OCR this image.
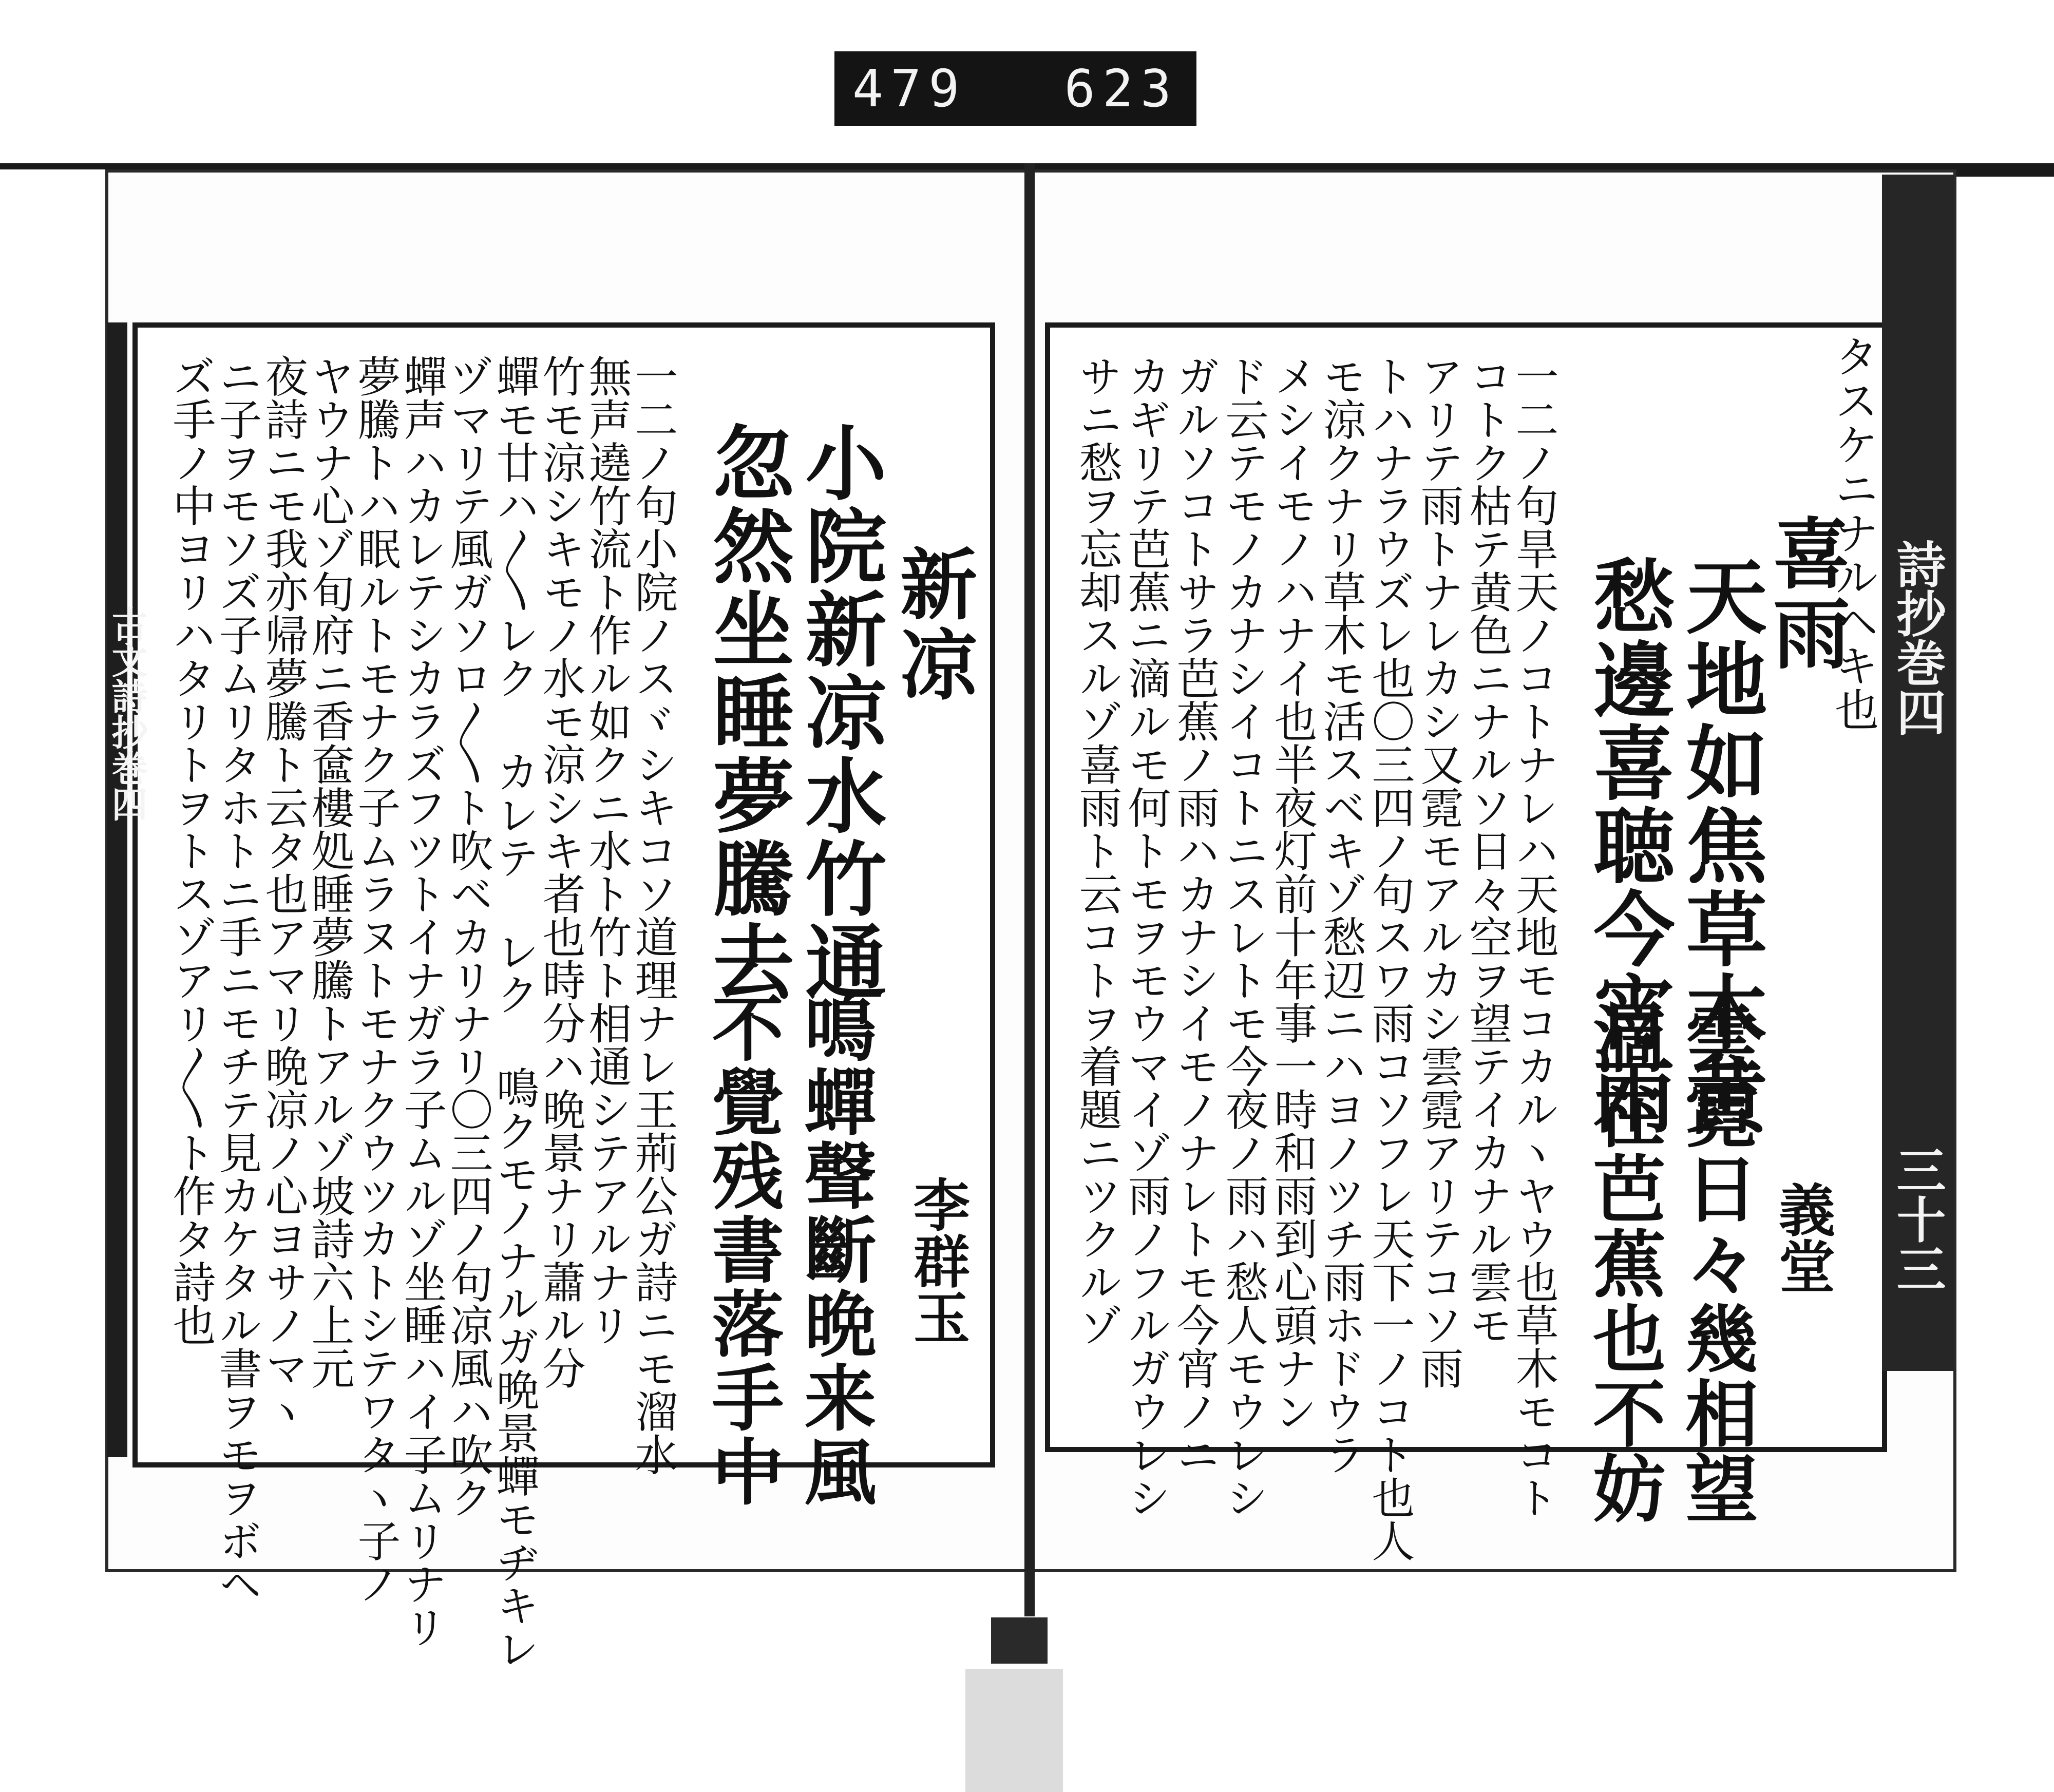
479 623
古文詩抄巻四	詩抄巻四
三十三
タスケニナルヘキ也
喜雨
義堂
天地如焦草木黄
愁邊喜聴今宵雨
雲霓日々幾相望
滴在芭蕉也不妨
一二ノ句旱天ノコトナレハ天地モコカルヽヤウ也草木モコト
コトク枯テ黄色ニナルソ日々空ヲ望テイカナル雲モ
アリテ雨トナレカシ又霓モアルカシ雲霓アリテコソ雨
トハナラウズレ也〇三四ノ句スワ雨コソフレ天下一ノコト也人
モ涼クナリ草木モ活スベキゾ愁辺ニハヨノツチ雨ホドウラ
メシイモノハナイ也半夜灯前十年事一時和雨到心頭ナン
ド云テモノカナシイコトニスレトモ今夜ノ雨ハ愁人モウレシ
ガルソコトサラ芭蕉ノ雨ハカナシイモノナレトモ今宵ノニ
カギリテ芭蕉ニ滴ルモ何トモヲモウマイゾ雨ノフルガウレシ
サニ愁ヲ忘却スルゾ喜雨ト云コトヲ着題ニツクルゾ
新凉
李群玉
小院新凉水竹通
忽然坐睡夢騰去
鳴蟬聲斷晩来風
不覺残書落手中
一二ノ句小院ノスヾシキコソ道理ナレ王荊公ガ詩ニモ溜水
無声遶竹流ト作ル如クニ水ト竹ト相通シテアルナリ
竹モ涼シキモノ水モ涼シキ者也時分ハ晩景ナリ蕭ル分
蟬モ廿ハ〳〵レク カレテ レク 鳴クモノナルガ晩景蟬モヂキレ
ヅマリテ風ガソロ〳〵ト吹ベカリナリ〇三四ノ句凉風ハ吹ク
蟬声ハカレテシカラズフツトイナガラ子ムルゾ坐睡ハイ子ムリナリ
夢騰トハ眠ルトモナク子ムラヌトモナクウツカトシテワタヽ子ノ
ヤウナ心ゾ旬府ニ香奩樓処睡夢騰トアルゾ坡詩六上元
夜詩ニモ我亦帰夢騰ト云タ也アマリ晩凉ノ心ヨサノマヽ
ニ子ヲモソズ子ムリタホトニ手ニモチテ見カケタル書ヲモヲボヘ
ズ手ノ中ヨリハタリトヲトスゾアリ〳〵ト作タ詩也
